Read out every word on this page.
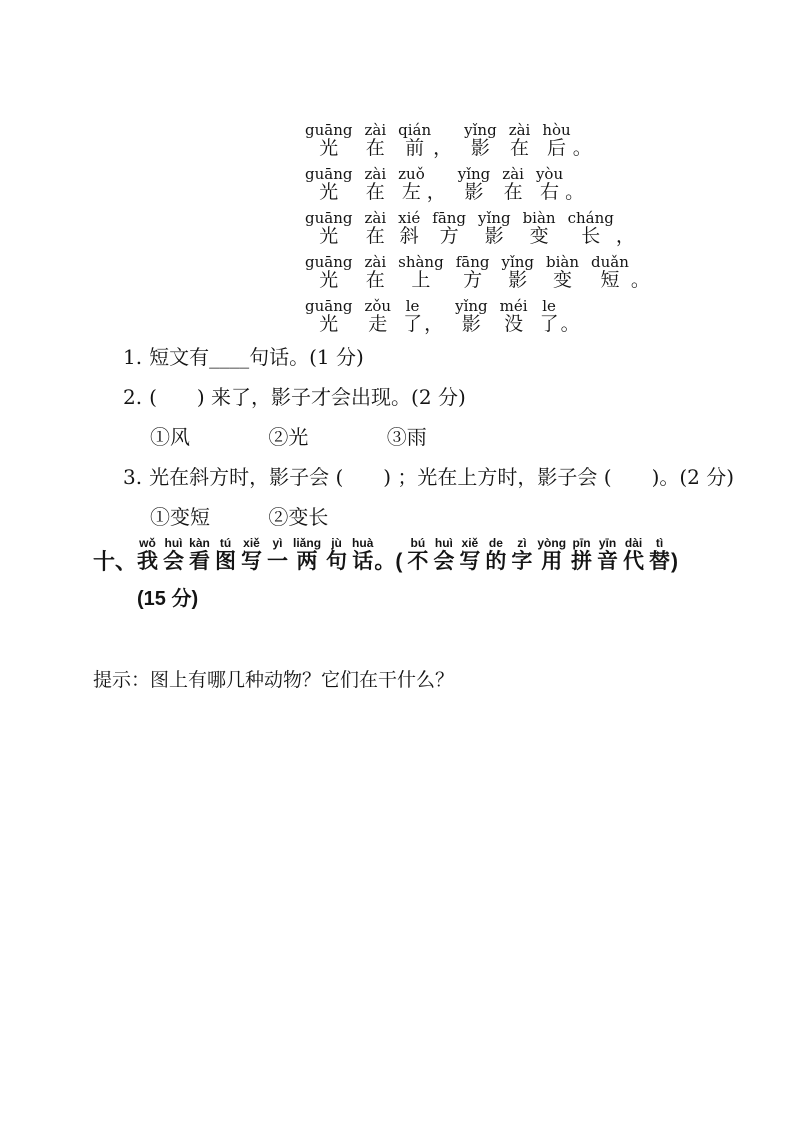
guāng
光
zài
在
qián
前 ，
yǐng
影
zài
在
hòu
后 。
guāng
光
zài
在
zuǒ
左 ，
yǐng
影
zài
在
yòu
右 。
guāng
光
zài
在
xié
斜
fāng
方
yǐng
影
biàn
变
cháng
长 ，
guāng
光
zài
在
shàng
上
fāng
方
yǐng
影
biàn
变
duǎn
短 。
guāng
光
zǒu
走
le
了 ，
yǐng
影
méi
没
le
了 。
1. 短文有____句话。(1 分)
2. (　　) 来了，影子才会出现。(2 分)
①风	②光	③雨
3. 光在斜方时，影子会 (　　) ；光在上方时，影子会 (　　)。(2 分)
①变短	②变长
十、
wǒ
我
huì
会
kàn
看
tú
图
xiě
写
yì
一
liǎng
两
jù
句
huà
话 。(
bú
不
huì
会
xiě
写
de
的
zì
字
yòng
用
pīn
拼
yīn
音
dài
代
tì
替 )
(15 分)
提示：图上有哪几种动物？它们在干什么？
